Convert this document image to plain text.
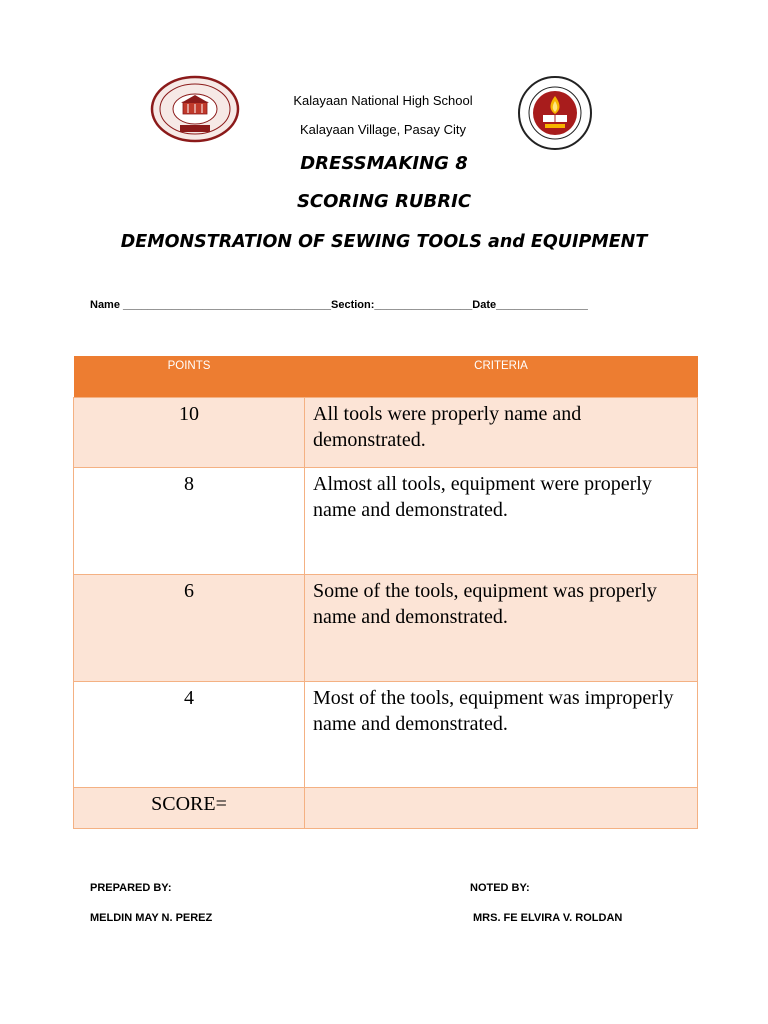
Kalayaan National High School
Kalayaan Village, Pasay City
DRESSMAKING 8
SCORING RUBRIC
DEMONSTRATION OF SEWING TOOLS and EQUIPMENT
Name __________________________________Section:________________Date_______________
POINTS	CRITERIA
10	All tools were properly name and demonstrated.
8	Almost all tools, equipment were properly name and demonstrated.
6	Some of the tools, equipment was properly name and demonstrated.
4	Most of the tools, equipment was improperly name and demonstrated.
SCORE=	
PREPARED BY:
MELDIN MAY N. PEREZ
NOTED BY:
MRS. FE ELVIRA V. ROLDAN
